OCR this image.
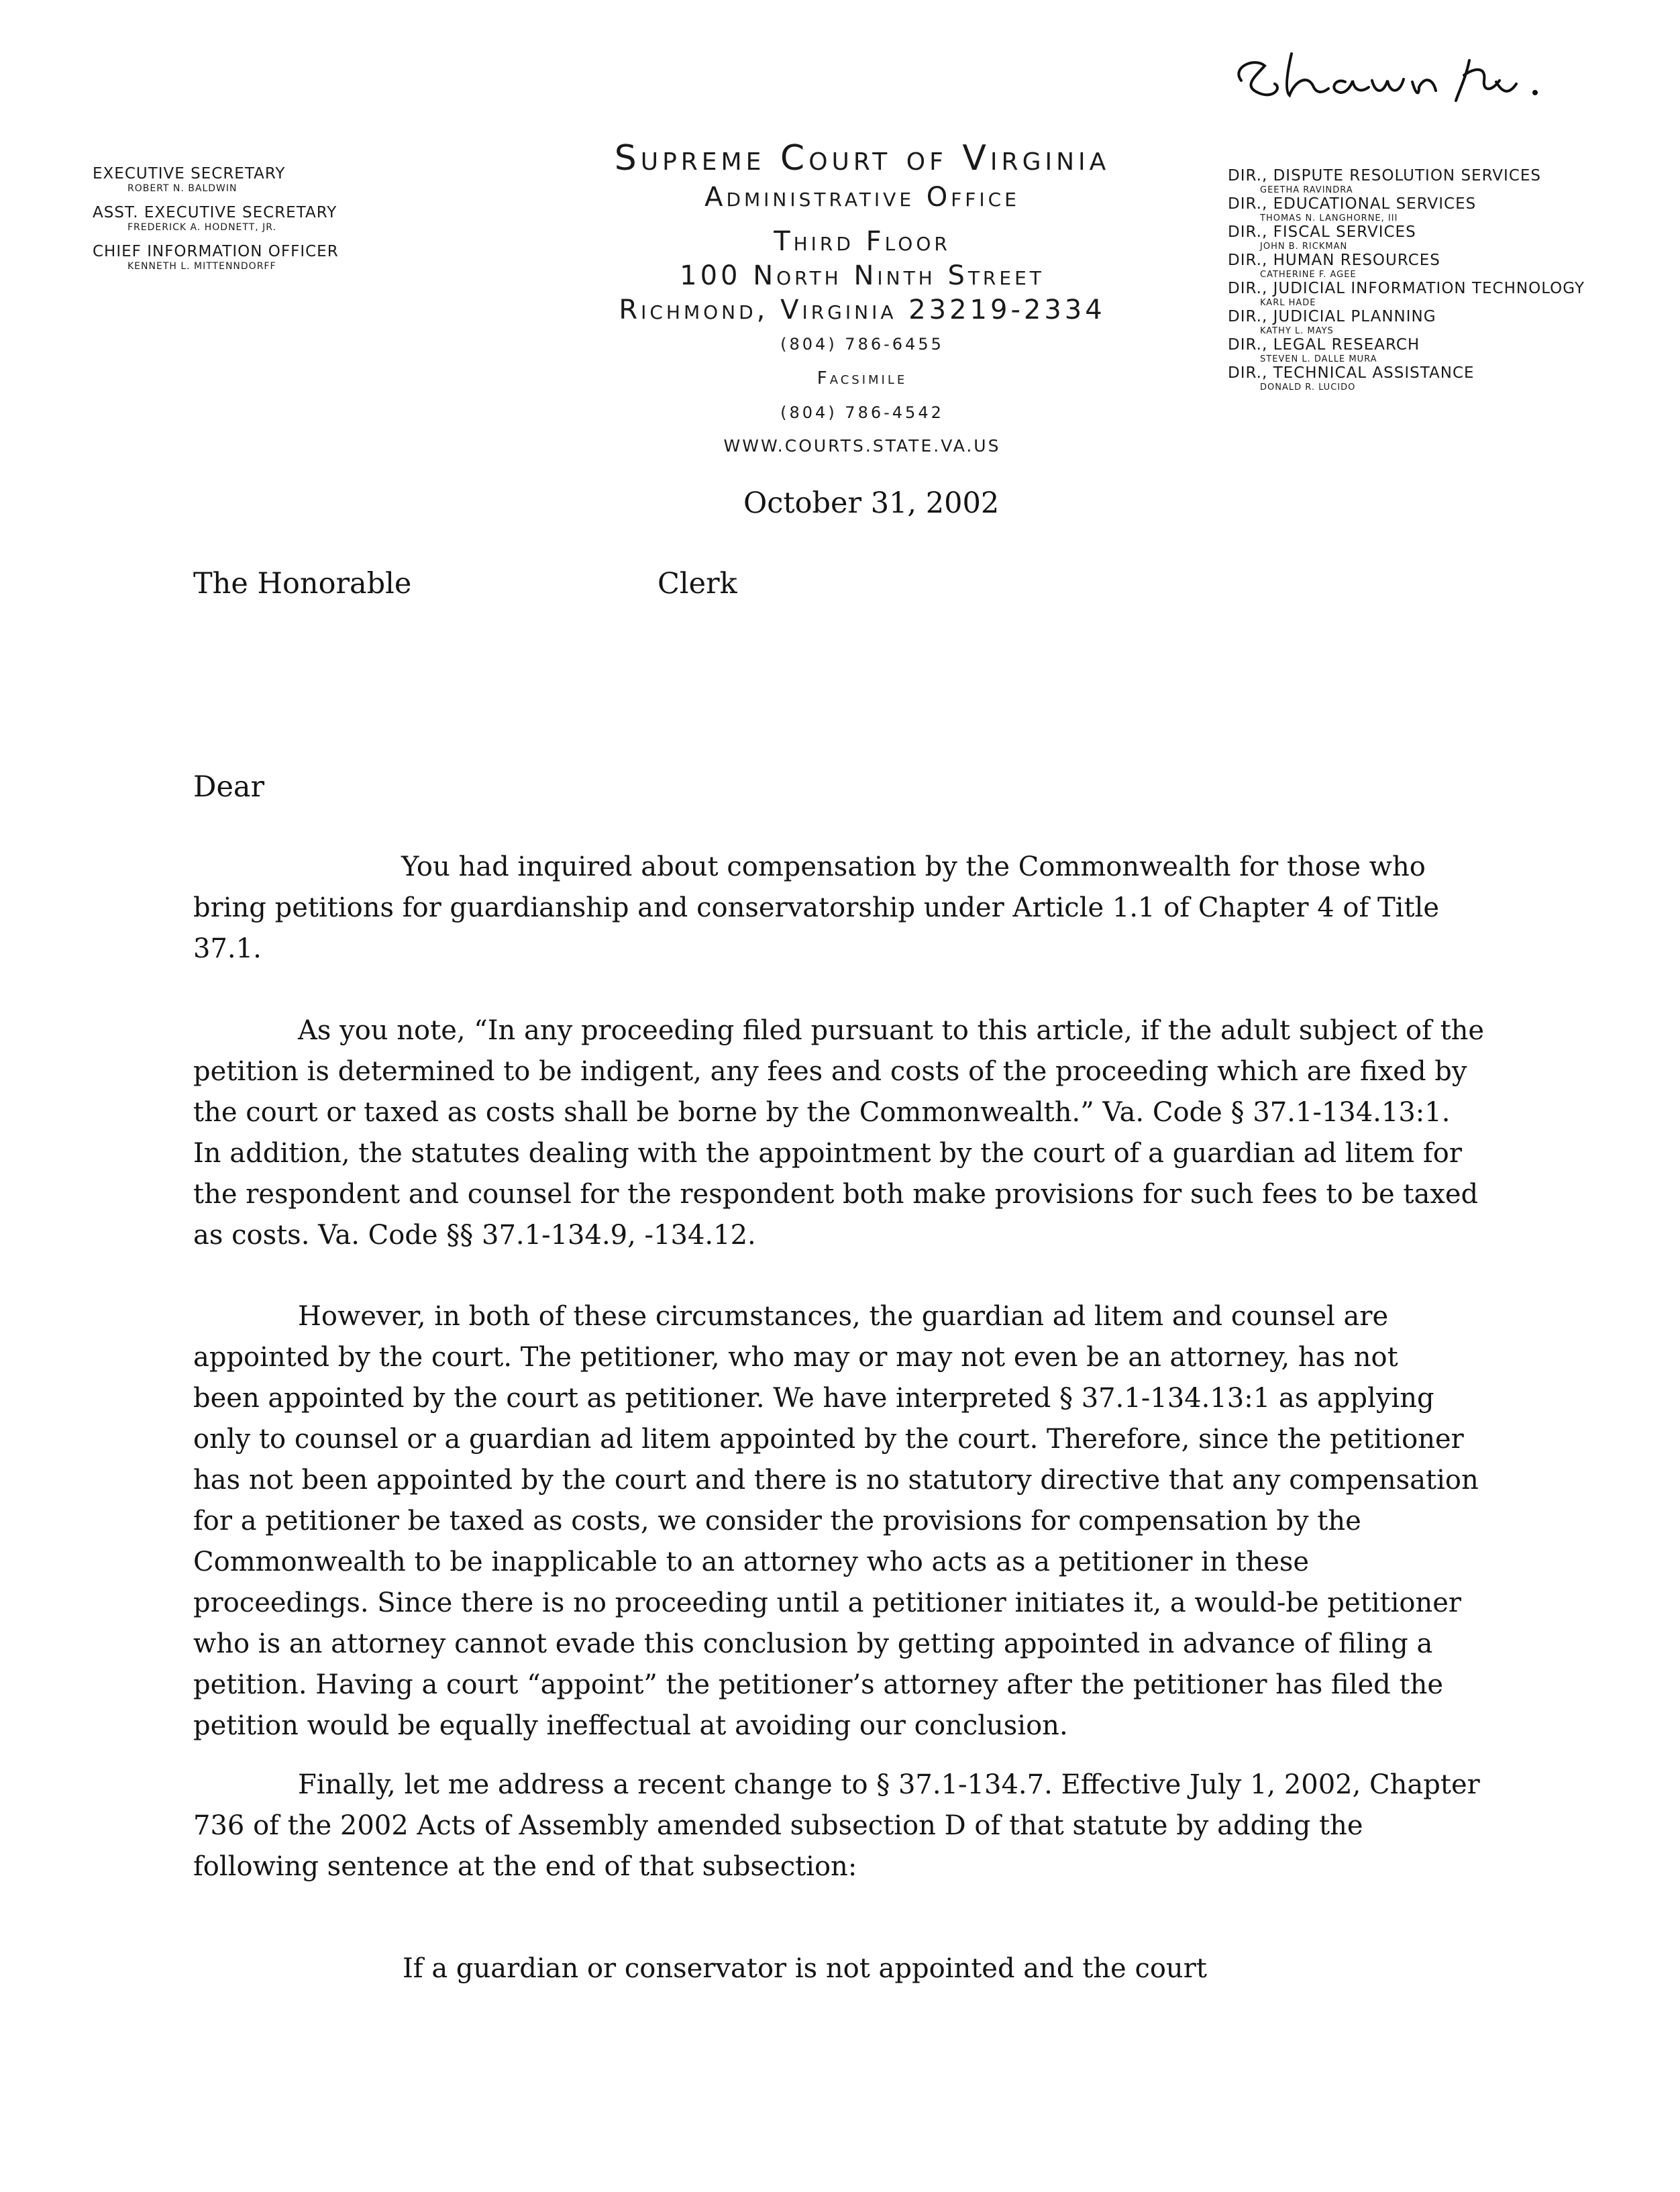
EXECUTIVE SECRETARY
ROBERT N. BALDWIN
ASST. EXECUTIVE SECRETARY
FREDERICK A. HODNETT, JR.
CHIEF INFORMATION OFFICER
KENNETH L. MITTENNDORFF
Supreme Court of Virginia
Administrative Office
Third Floor
100 North Ninth Street
Richmond, Virginia 23219-2334
(804) 786-6455
Facsimile
(804) 786-4542
WWW.COURTS.STATE.VA.US
DIR., DISPUTE RESOLUTION SERVICES
GEETHA RAVINDRA
DIR., EDUCATIONAL SERVICES
THOMAS N. LANGHORNE, III
DIR., FISCAL SERVICES
JOHN B. RICKMAN
DIR., HUMAN RESOURCES
CATHERINE F. AGEE
DIR., JUDICIAL INFORMATION TECHNOLOGY
KARL HADE
DIR., JUDICIAL PLANNING
KATHY L. MAYS
DIR., LEGAL RESEARCH
STEVEN L. DALLE MURA
DIR., TECHNICAL ASSISTANCE
DONALD R. LUCIDO
October 31, 2002
The Honorable	Clerk
Dear

You had inquired about compensation by the Commonwealth for those who
bring petitions for guardianship and conservatorship under Article 1.1 of Chapter 4 of Title
37.1.

As you note, “In any proceeding filed pursuant to this article, if the adult subject of the
petition is determined to be indigent, any fees and costs of the proceeding which are fixed by
the court or taxed as costs shall be borne by the Commonwealth.” Va. Code § 37.1-134.13:1.
In addition, the statutes dealing with the appointment by the court of a guardian ad litem for
the respondent and counsel for the respondent both make provisions for such fees to be taxed
as costs. Va. Code §§ 37.1-134.9, -134.12.

However, in both of these circumstances, the guardian ad litem and counsel are
appointed by the court. The petitioner, who may or may not even be an attorney, has not
been appointed by the court as petitioner. We have interpreted § 37.1-134.13:1 as applying
only to counsel or a guardian ad litem appointed by the court. Therefore, since the petitioner
has not been appointed by the court and there is no statutory directive that any compensation
for a petitioner be taxed as costs, we consider the provisions for compensation by the
Commonwealth to be inapplicable to an attorney who acts as a petitioner in these
proceedings. Since there is no proceeding until a petitioner initiates it, a would-be petitioner
who is an attorney cannot evade this conclusion by getting appointed in advance of filing a
petition. Having a court “appoint” the petitioner’s attorney after the petitioner has filed the
petition would be equally ineffectual at avoiding our conclusion.

Finally, let me address a recent change to § 37.1-134.7. Effective July 1, 2002, Chapter
736 of the 2002 Acts of Assembly amended subsection D of that statute by adding the
following sentence at the end of that subsection:

If a guardian or conservator is not appointed and the court
